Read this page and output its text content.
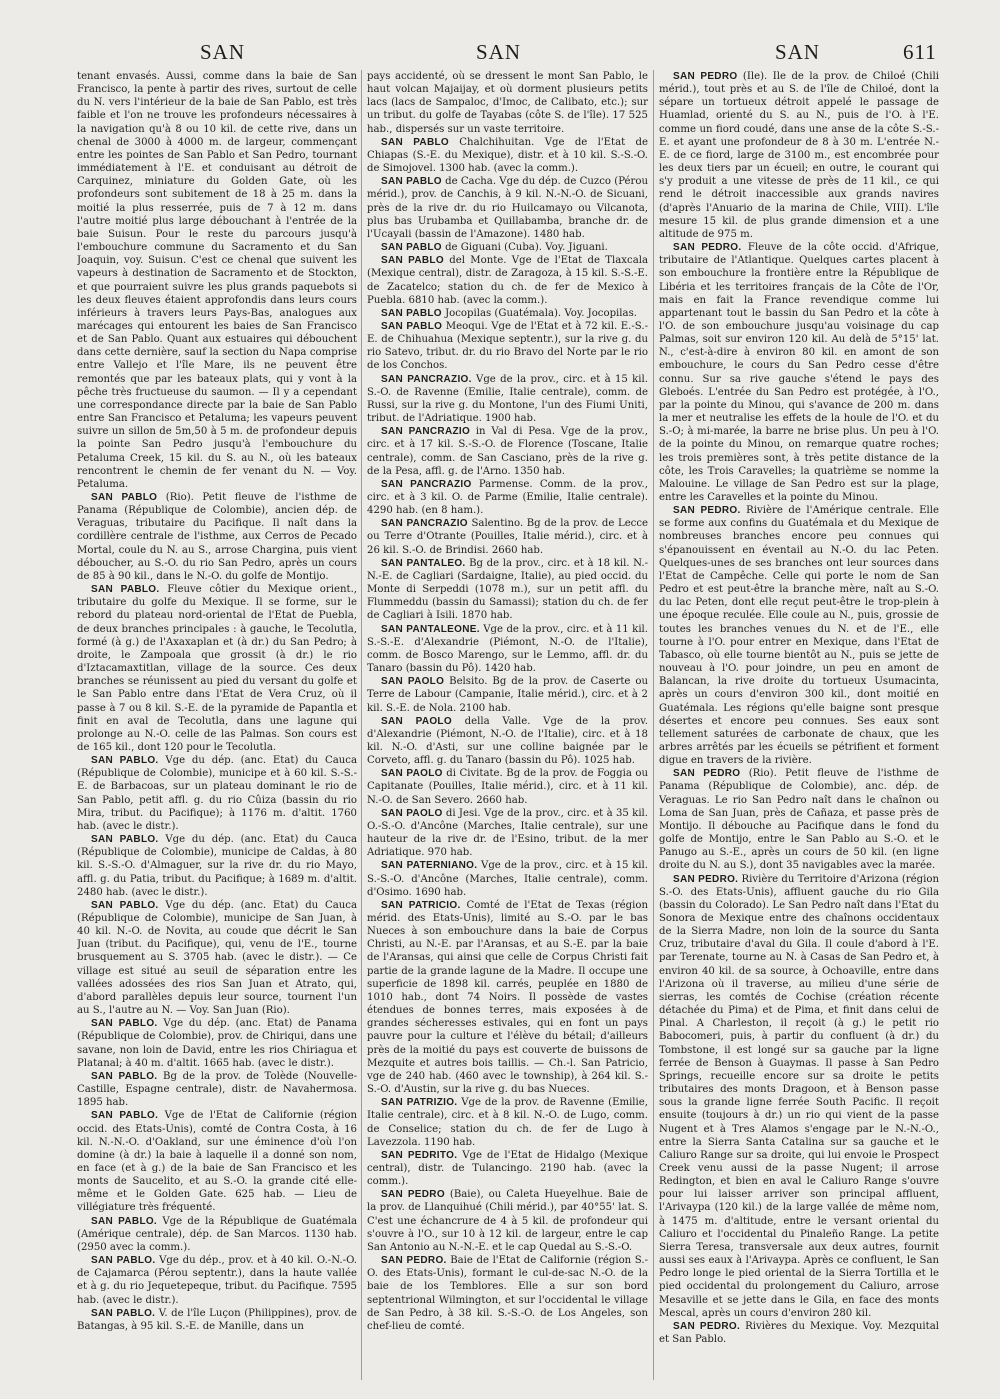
SAN	SAN	SAN	611

tenant envasés. Aussi, comme dans la baie de San Francisco, la pente à partir des rives, surtout de celle du N. vers l'intérieur de la baie de San Pablo, est très faible et l'on ne trouve les profondeurs nécessaires à la navigation qu'à 8 ou 10 kil. de cette rive, dans un chenal de 3000 à 4000 m. de largeur, commençant entre les pointes de San Pablo et San Pedro, tournant immédiatement à l'E. et conduisant au détroit de Carquinez, miniature du Golden Gate, où les profondeurs sont subitement de 18 à 25 m. dans la moitié la plus resserrée, puis de 7 à 12 m. dans l'autre moitié plus large débouchant à l'entrée de la baie Suisun. Pour le reste du parcours jusqu'à l'embouchure commune du Sacramento et du San Joaquin, voy. Suisun. C'est ce chenal que suivent les vapeurs à destination de Sacramento et de Stockton, et que pourraient suivre les plus grands paquebots si les deux fleuves étaient approfondis dans leurs cours inférieurs à travers leurs Pays-Bas, analogues aux marécages qui entourent les baies de San Francisco et de San Pablo. Quant aux estuaires qui débouchent dans cette dernière, sauf la section du Napa comprise entre Vallejo et l'île Mare, ils ne peuvent être remontés que par les bateaux plats, qui y vont à la pêche très fructueuse du saumon. — Il y a cependant une correspondance directe par la baie de San Pablo entre San Francisco et Petaluma; les vapeurs peuvent suivre un sillon de 5m,50 à 5 m. de profondeur depuis la pointe San Pedro jusqu'à l'embouchure du Petaluma Creek, 15 kil. du S. au N., où les bateaux rencontrent le chemin de fer venant du N. — Voy. Petaluma.

SAN PABLO (Rio). Petit fleuve de l'isthme de Panama (République de Colombie), ancien dép. de Veraguas, tributaire du Pacifique. Il naît dans la cordillère centrale de l'isthme, aux Cerros de Pecado Mortal, coule du N. au S., arrose Chargina, puis vient déboucher, au S.-O. du rio San Pedro, après un cours de 85 à 90 kil., dans le N.-O. du golfe de Montijo.

SAN PABLO. Fleuve côtier du Mexique orient., tributaire du golfe du Mexique. Il se forme, sur le rebord du plateau nord-oriental de l'Etat de Puebla, de deux branches principales : à gauche, le Tecolutla, formé (à g.) de l'Axaxaplan et (à dr.) du San Pedro; à droite, le Zampoala que grossit (à dr.) le rio d'Iztacamaxtitlan, village de la source. Ces deux branches se réunissent au pied du versant du golfe et le San Pablo entre dans l'Etat de Vera Cruz, où il passe à 7 ou 8 kil. S.-E. de la pyramide de Papantla et finit en aval de Tecolutla, dans une lagune qui prolonge au N.-O. celle de las Palmas. Son cours est de 165 kil., dont 120 pour le Tecolutla.

SAN PABLO. Vge du dép. (anc. Etat) du Cauca (République de Colombie), municipe et à 60 kil. S.-S.-E. de Barbacoas, sur un plateau dominant le rio de San Pablo, petit affl. g. du rio Cûiza (bassin du rio Mira, tribut. du Pacifique); à 1176 m. d'altit. 1760 hab. (avec le distr.).

SAN PABLO. Vge du dép. (anc. Etat) du Cauca (République de Colombie), municipe de Caldas, à 80 kil. S.-S.-O. d'Almaguer, sur la rive dr. du rio Mayo, affl. g. du Patia, tribut. du Pacifique; à 1689 m. d'altit. 2480 hab. (avec le distr.).

SAN PABLO. Vge du dép. (anc. Etat) du Cauca (République de Colombie), municipe de San Juan, à 40 kil. N.-O. de Novita, au coude que décrit le San Juan (tribut. du Pacifique), qui, venu de l'E., tourne brusquement au S. 3705 hab. (avec le distr.). — Ce village est situé au seuil de séparation entre les vallées adossées des rios San Juan et Atrato, qui, d'abord parallèles depuis leur source, tournent l'un au S., l'autre au N. — Voy. San Juan (Rio).

SAN PABLO. Vge du dép. (anc. Etat) de Panama (République de Colombie), prov. de Chiriqui, dans une savane, non loin de David, entre les rios Chiriagua et Platanal; à 40 m. d'altit. 1665 hab. (avec le distr.).

SAN PABLO. Bg de la prov. de Tolède (Nouvelle-Castille, Espagne centrale), distr. de Navahermosa. 1895 hab.

SAN PABLO. Vge de l'Etat de Californie (région occid. des Etats-Unis), comté de Contra Costa, à 16 kil. N.-N.-O. d'Oakland, sur une éminence d'où l'on domine (à dr.) la baie à laquelle il a donné son nom, en face (et à g.) de la baie de San Francisco et les monts de Saucelito, et au S.-O. la grande cité elle-même et le Golden Gate. 625 hab. — Lieu de villégiature très fréquenté.

SAN PABLO. Vge de la République de Guatémala (Amérique centrale), dép. de San Marcos. 1130 hab. (2950 avec la comm.).

SAN PABLO. Vge du dép., prov. et à 40 kil. O.-N.-O. de Cajamarca (Pérou septentr.), dans la haute vallée et à g. du rio Jequetepeque, tribut. du Pacifique. 7595 hab. (avec le distr.).

SAN PABLO. V. de l'île Luçon (Philippines), prov. de Batangas, à 95 kil. S.-E. de Manille, dans un

pays accidenté, où se dressent le mont San Pablo, le haut volcan Majaijay, et où dorment plusieurs petits lacs (lacs de Sampaloc, d'Imoc, de Calibato, etc.); sur un tribut. du golfe de Tayabas (côte S. de l'île). 17 525 hab., dispersés sur un vaste territoire.

SAN PABLO Chalchihuitan. Vge de l'Etat de Chiapas (S.-E. du Mexique), distr. et à 10 kil. S.-S.-O. de Simojovel. 1300 hab. (avec la comm.).

SAN PABLO de Cacha. Vge du dép. de Cuzco (Pérou mérid.), prov. de Canchis, à 9 kil. N.-N.-O. de Sicuani, près de la rive dr. du rio Huilcamayo ou Vilcanota, plus bas Urubamba et Quillabamba, branche dr. de l'Ucayali (bassin de l'Amazone). 1480 hab.

SAN PABLO de Giguani (Cuba). Voy. Jiguani.

SAN PABLO del Monte. Vge de l'Etat de Tlaxcala (Mexique central), distr. de Zaragoza, à 15 kil. S.-S.-E. de Zacatelco; station du ch. de fer de Mexico à Puebla. 6810 hab. (avec la comm.).

SAN PABLO Jocopilas (Guatémala). Voy. Jocopilas.

SAN PABLO Meoqui. Vge de l'Etat et à 72 kil. E.-S.-E. de Chihuahua (Mexique septentr.), sur la rive g. du rio Satevo, tribut. dr. du rio Bravo del Norte par le rio de los Conchos.

SAN PANCRAZIO. Vge de la prov., circ. et à 15 kil. S.-O. de Ravenne (Emilie, Italie centrale), comm. de Russi, sur la rive g. du Montone, l'un des Fiumi Uniti, tribut. de l'Adriatique. 1900 hab.

SAN PANCRAZIO in Val di Pesa. Vge de la prov., circ. et à 17 kil. S.-S.-O. de Florence (Toscane, Italie centrale), comm. de San Casciano, près de la rive g. de la Pesa, affl. g. de l'Arno. 1350 hab.

SAN PANCRAZIO Parmense. Comm. de la prov., circ. et à 3 kil. O. de Parme (Emilie, Italie centrale). 4290 hab. (en 8 ham.).

SAN PANCRAZIO Salentino. Bg de la prov. de Lecce ou Terre d'Otrante (Pouilles, Italie mérid.), circ. et à 26 kil. S.-O. de Brindisi. 2660 hab.

SAN PANTALEO. Bg de la prov., circ. et à 18 kil. N.-N.-E. de Cagliari (Sardaigne, Italie), au pied occid. du Monte di Serpeddi (1078 m.), sur un petit affl. du Flummeddu (bassin du Samassi); station du ch. de fer de Cagliari à Isili. 1870 hab.

SAN PANTALEONE. Vge de la prov., circ. et à 11 kil. S.-S.-E. d'Alexandrie (Piémont, N.-O. de l'Italie), comm. de Bosco Marengo, sur le Lemmo, affl. dr. du Tanaro (bassin du Pô). 1420 hab.

SAN PAOLO Belsito. Bg de la prov. de Caserte ou Terre de Labour (Campanie, Italie mérid.), circ. et à 2 kil. S.-E. de Nola. 2100 hab.

SAN PAOLO della Valle. Vge de la prov. d'Alexandrie (Piémont, N.-O. de l'Italie), circ. et à 18 kil. N.-O. d'Asti, sur une colline baignée par le Corveto, affl. g. du Tanaro (bassin du Pô). 1025 hab.

SAN PAOLO di Civitate. Bg de la prov. de Foggia ou Capitanate (Pouilles, Italie mérid.), circ. et à 11 kil. N.-O. de San Severo. 2660 hab.

SAN PAOLO di Jesi. Vge de la prov., circ. et à 35 kil. O.-S.-O. d'Ancône (Marches, Italie centrale), sur une hauteur de la rive dr. de l'Esino, tribut. de la mer Adriatique. 970 hab.

SAN PATERNIANO. Vge de la prov., circ. et à 15 kil. S.-S.-O. d'Ancône (Marches, Italie centrale), comm. d'Osimo. 1690 hab.

SAN PATRICIO. Comté de l'Etat de Texas (région mérid. des Etats-Unis), limité au S.-O. par le bas Nueces à son embouchure dans la baie de Corpus Christi, au N.-E. par l'Aransas, et au S.-E. par la baie de l'Aransas, qui ainsi que celle de Corpus Christi fait partie de la grande lagune de la Madre. Il occupe une superficie de 1898 kil. carrés, peuplée en 1880 de 1010 hab., dont 74 Noirs. Il possède de vastes étendues de bonnes terres, mais exposées à de grandes sécheresses estivales, qui en font un pays pauvre pour la culture et l'élève du bétail; d'ailleurs près de la moitié du pays est couverte de buissons de Mezquite et autres bois taillis. — Ch.-l. San Patricio, vge de 240 hab. (460 avec le township), à 264 kil. S.-S.-O. d'Austin, sur la rive g. du bas Nueces.

SAN PATRIZIO. Vge de la prov. de Ravenne (Emilie, Italie centrale), circ. et à 8 kil. N.-O. de Lugo, comm. de Conselice; station du ch. de fer de Lugo à Lavezzola. 1190 hab.

SAN PEDRITO. Vge de l'Etat de Hidalgo (Mexique central), distr. de Tulancingo. 2190 hab. (avec la comm.).

SAN PEDRO (Baie), ou Caleta Hueyelhue. Baie de la prov. de Llanquihué (Chili mérid.), par 40°55' lat. S. C'est une échancrure de 4 à 5 kil. de profondeur qui s'ouvre à l'O., sur 10 à 12 kil. de largeur, entre le cap San Antonio au N.-N.-E. et le cap Quedal au S.-S.-O.

SAN PEDRO. Baie de l'Etat de Californie (région S.-O. des Etats-Unis), formant le cul-de-sac N.-O. de la baie de los Temblores. Elle a sur son bord septentrional Wilmington, et sur l'occidental le village de San Pedro, à 38 kil. S.-S.-O. de Los Angeles, son chef-lieu de comté.

SAN PEDRO (Ile). Ile de la prov. de Chiloé (Chili mérid.), tout près et au S. de l'île de Chiloé, dont la sépare un tortueux détroit appelé le passage de Huamlad, orienté du S. au N., puis de l'O. à l'E. comme un fiord coudé, dans une anse de la côte S.-S.-E. et ayant une profondeur de 8 à 30 m. L'entrée N.-E. de ce fiord, large de 3100 m., est encombrée pour les deux tiers par un écueil; en outre, le courant qui s'y produit a une vitesse de près de 11 kil., ce qui rend le détroit inaccessible aux grands navires (d'après l'Anuario de la marina de Chile, VIII). L'île mesure 15 kil. de plus grande dimension et a une altitude de 975 m.

SAN PEDRO. Fleuve de la côte occid. d'Afrique, tributaire de l'Atlantique. Quelques cartes placent à son embouchure la frontière entre la République de Libéria et les territoires français de la Côte de l'Or, mais en fait la France revendique comme lui appartenant tout le bassin du San Pedro et la côte à l'O. de son embouchure jusqu'au voisinage du cap Palmas, soit sur environ 120 kil. Au delà de 5°15' lat. N., c'est-à-dire à environ 80 kil. en amont de son embouchure, le cours du San Pedro cesse d'être connu. Sur sa rive gauche s'étend le pays des Gleboés. L'entrée du San Pedro est protégée, à l'O., par la pointe du Minou, qui s'avance de 200 m. dans la mer et neutralise les effets de la houle de l'O. et du S.-O; à mi-marée, la barre ne brise plus. Un peu à l'O. de la pointe du Minou, on remarque quatre roches; les trois premières sont, à très petite distance de la côte, les Trois Caravelles; la quatrième se nomme la Malouine. Le village de San Pedro est sur la plage, entre les Caravelles et la pointe du Minou.

SAN PEDRO. Rivière de l'Amérique centrale. Elle se forme aux confins du Guatémala et du Mexique de nombreuses branches encore peu connues qui s'épanouissent en éventail au N.-O. du lac Peten. Quelques-unes de ses branches ont leur sources dans l'Etat de Campêche. Celle qui porte le nom de San Pedro et est peut-être la branche mère, naît au S.-O. du lac Peten, dont elle reçut peut-être le trop-plein à une époque reculée. Elle coule au N., puis, grossie de toutes les branches venues du N. et de l'E., elle tourne à l'O. pour entrer en Mexique, dans l'Etat de Tabasco, où elle tourne bientôt au N., puis se jette de nouveau à l'O. pour joindre, un peu en amont de Balancan, la rive droite du tortueux Usumacinta, après un cours d'environ 300 kil., dont moitié en Guatémala. Les régions qu'elle baigne sont presque désertes et encore peu connues. Ses eaux sont tellement saturées de carbonate de chaux, que les arbres arrêtés par les écueils se pétrifient et forment digue en travers de la rivière.

SAN PEDRO (Rio). Petit fleuve de l'isthme de Panama (République de Colombie), anc. dép. de Veraguas. Le rio San Pedro naît dans le chaînon ou Loma de San Juan, près de Cañaza, et passe près de Montijo. Il débouche au Pacifique dans le fond du golfe de Montijo, entre le San Pablo au S.-O. et le Panugo au S.-E., après un cours de 50 kil. (en ligne droite du N. au S.), dont 35 navigables avec la marée.

SAN PEDRO. Rivière du Territoire d'Arizona (région S.-O. des Etats-Unis), affluent gauche du rio Gila (bassin du Colorado). Le San Pedro naît dans l'Etat du Sonora de Mexique entre des chaînons occidentaux de la Sierra Madre, non loin de la source du Santa Cruz, tributaire d'aval du Gila. Il coule d'abord à l'E. par Terenate, tourne au N. à Casas de San Pedro et, à environ 40 kil. de sa source, à Ochoaville, entre dans l'Arizona où il traverse, au milieu d'une série de sierras, les comtés de Cochise (création récente détachée du Pima) et de Pima, et finit dans celui de Pinal. A Charleston, il reçoit (à g.) le petit rio Babocomeri, puis, à partir du confluent (à dr.) du Tombstone, il est longé sur sa gauche par la ligne ferrée de Benson à Guaymas. Il passe à San Pedro Springs, recueille encore sur sa droite le petits tributaires des monts Dragoon, et à Benson passe sous la grande ligne ferrée South Pacific. Il reçoit ensuite (toujours à dr.) un rio qui vient de la passe Nugent et à Tres Alamos s'engage par le N.-N.-O., entre la Sierra Santa Catalina sur sa gauche et le Caliuro Range sur sa droite, qui lui envoie le Prospect Creek venu aussi de la passe Nugent; il arrose Redington, et bien en aval le Caliuro Range s'ouvre pour lui laisser arriver son principal affluent, l'Arivaypa (120 kil.) de la large vallée de même nom, à 1475 m. d'altitude, entre le versant oriental du Caliuro et l'occidental du Pinaleño Range. La petite Sierra Teresa, transversale aux deux autres, fournit aussi ses eaux à l'Arivaypa. Après ce confluent, le San Pedro longe le pied oriental de la Sierra Tortilla et le pied occidental du prolongement du Caliuro, arrose Mesaville et se jette dans le Gila, en face des monts Mescal, après un cours d'environ 280 kil.

SAN PEDRO. Rivières du Mexique. Voy. Mezquital et San Pablo.
